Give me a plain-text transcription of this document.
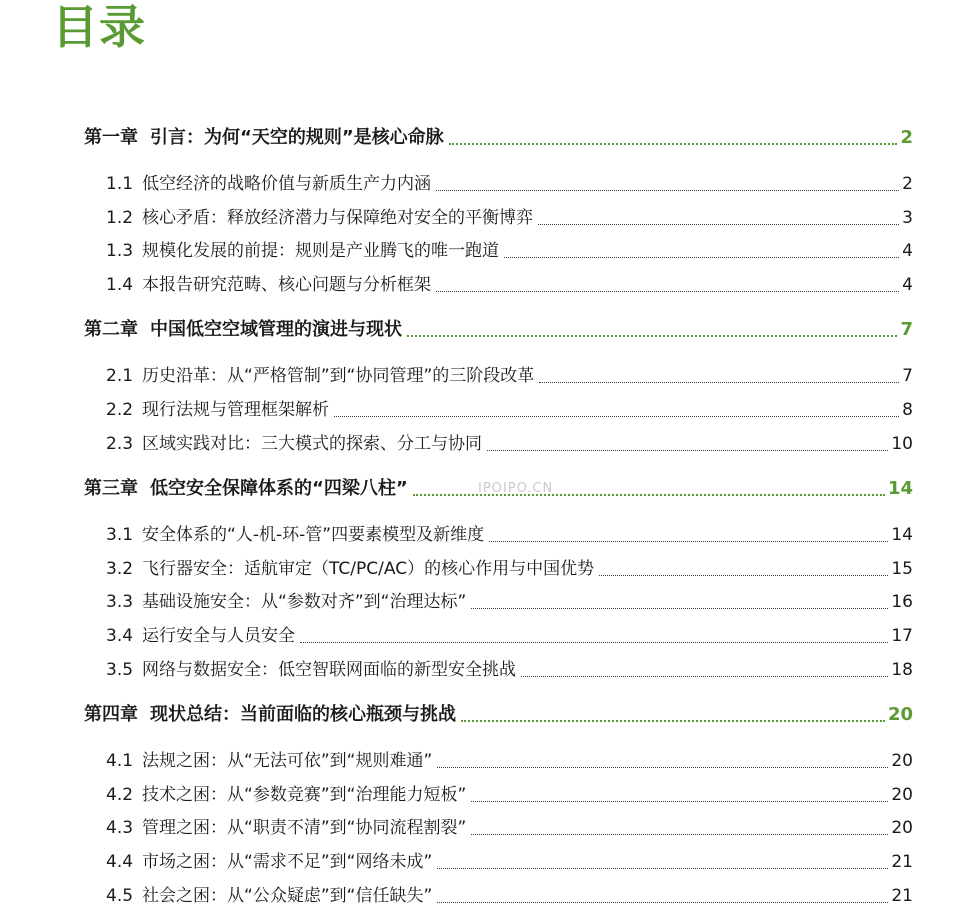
目录
第一章 引言：为何“天空的规则”是核心命脉	2
1.1 低空经济的战略价值与新质生产力内涵	2
1.2 核心矛盾：释放经济潜力与保障绝对安全的平衡博弈	3
1.3 规模化发展的前提：规则是产业腾飞的唯一跑道	4
1.4 本报告研究范畴、核心问题与分析框架	4
第二章 中国低空空域管理的演进与现状	7
2.1 历史沿革：从“严格管制”到“协同管理”的三阶段改革	7
2.2 现行法规与管理框架解析	8
2.3 区域实践对比：三大模式的探索、分工与协同	10
第三章 低空安全保障体系的“四梁八柱”	14
3.1 安全体系的“人-机-环-管”四要素模型及新维度	14
3.2 飞行器安全：适航审定（TC/PC/AC）的核心作用与中国优势	15
3.3 基础设施安全：从“参数对齐”到“治理达标”	16
3.4 运行安全与人员安全	17
3.5 网络与数据安全：低空智联网面临的新型安全挑战	18
第四章 现状总结：当前面临的核心瓶颈与挑战	20
4.1 法规之困：从“无法可依”到“规则难通”	20
4.2 技术之困：从“参数竞赛”到“治理能力短板”	20
4.3 管理之困：从“职责不清”到“协同流程割裂”	20
4.4 市场之困：从“需求不足”到“网络未成”	21
4.5 社会之困：从“公众疑虑”到“信任缺失”	21
IPOIPO.CN
